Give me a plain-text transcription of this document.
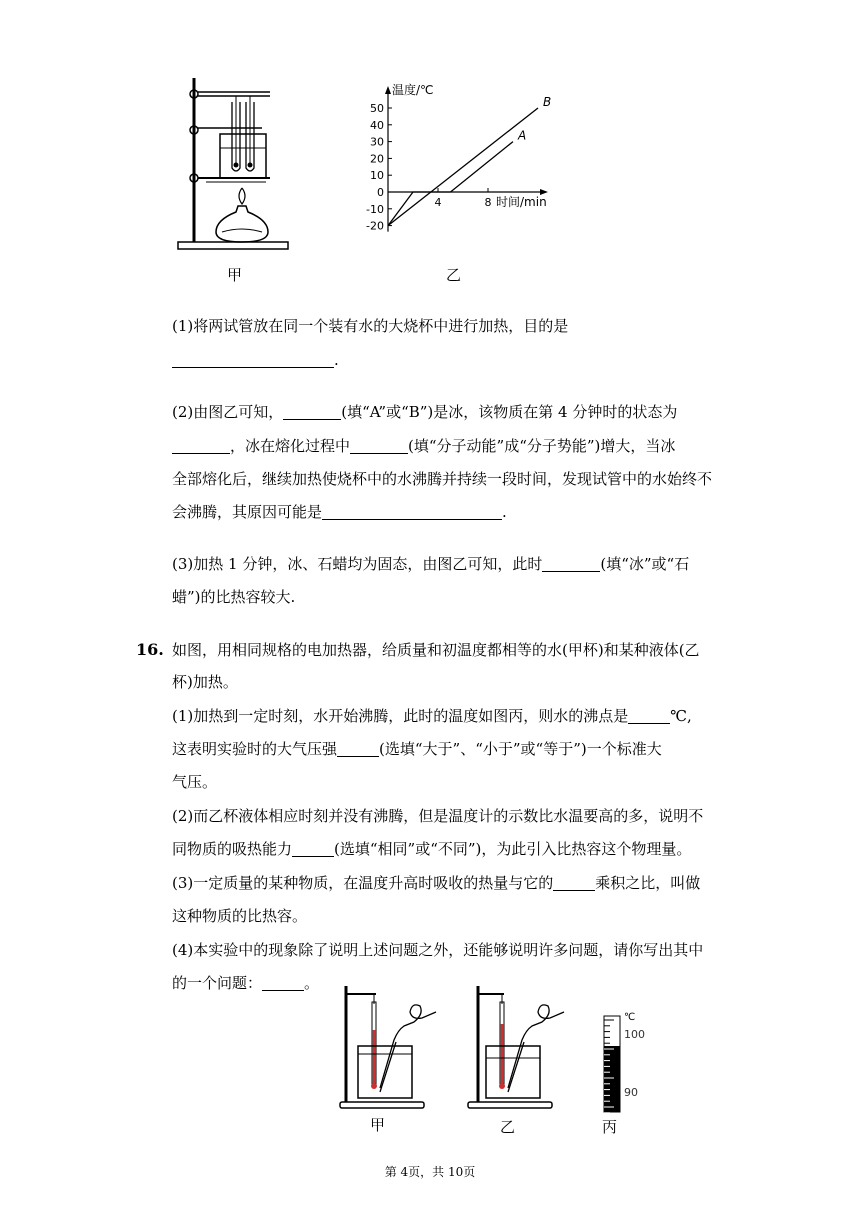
甲
50
40
30
20
10
0
-10
-20
4	8
温度/℃
时间/min
A
B
乙
(1)将两试管放在同一个装有水的大烧杯中进行加热，目的是
.
(2)由图乙可知，	(填“A”或“B”)是冰，该物质在第 4 分钟时的状态为
，冰在熔化过程中	(填“分子动能”成“分子势能”)增大，当冰
全部熔化后，继续加热使烧杯中的水沸腾并持续一段时间，发现试管中的水始终不
会沸腾，其原因可能是	.
(3)加热 1 分钟，冰、石蜡均为固态，由图乙可知，此时	(填“冰”或“石
蜡”)的比热容较大.
16. 如图，用相同规格的电加热器，给质量和初温度都相等的水(甲杯)和某种液体(乙
杯)加热。
(1)加热到一定时刻，水开始沸腾，此时的温度如图丙，则水的沸点是	℃,
这表明实验时的大气压强	(选填“大于”、“小于”或“等于”)一个标准大
气压。
(2)而乙杯液体相应时刻并没有沸腾，但是温度计的示数比水温要高的多，说明不
同物质的吸热能力	(选填“相同”或“不同”)，为此引入比热容这个物理量。
(3)一定质量的某种物质，在温度升高时吸收的热量与它的	乘积之比，叫做
这种物质的比热容。
(4)本实验中的现象除了说明上述问题之外，还能够说明许多问题，请你写出其中
的一个问题：	。
甲	乙
℃
100
90
丙
第 4页，共 10页
